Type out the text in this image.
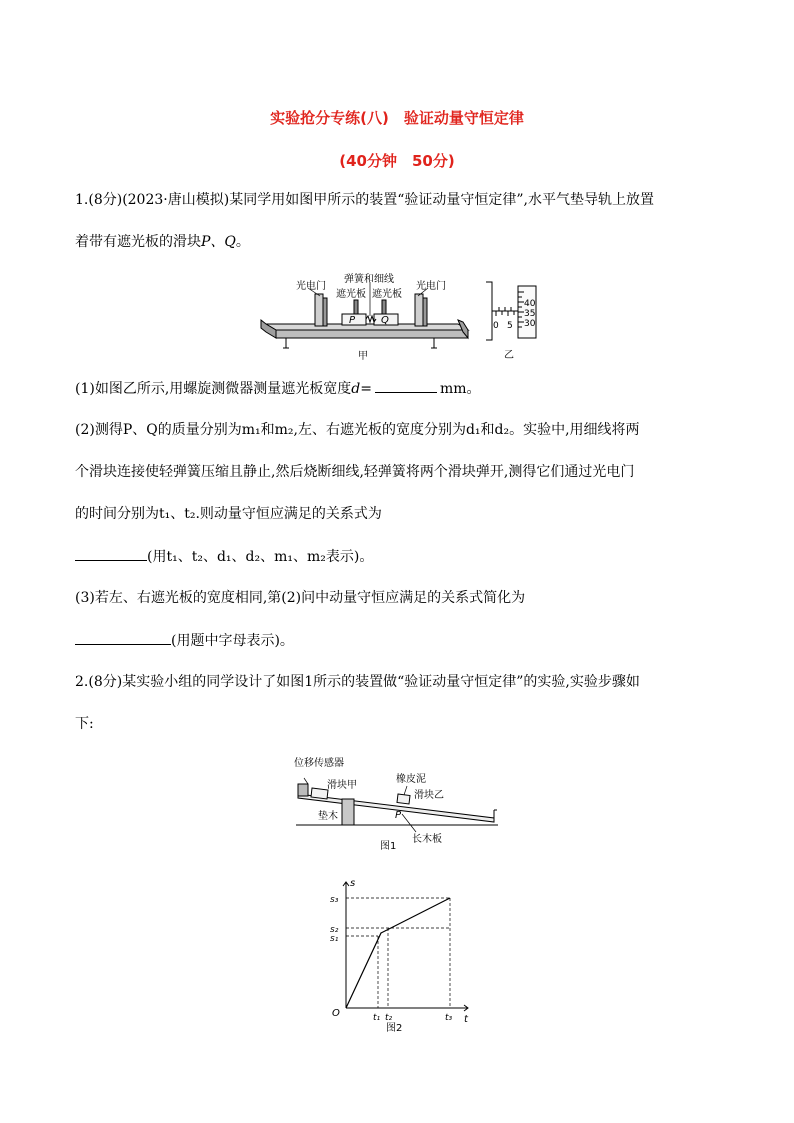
实验抢分专练(八)　验证动量守恒定律
(40分钟　50分)
1.(8分)(2023·唐山模拟)某同学用如图甲所示的装置“验证动量守恒定律”,水平气垫导轨上放置
着带有遮光板的滑块P、Q。
光电门
弹簧和细线
遮光板 遮光板
光电门
P	Q
甲
40
35
30
0 5
乙
(1)如图乙所示,用螺旋测微器测量遮光板宽度d=	mm。
(2)测得P、Q的质量分别为m₁和m₂,左、右遮光板的宽度分别为d₁和d₂。实验中,用细线将两
个滑块连接使轻弹簧压缩且静止,然后烧断细线,轻弹簧将两个滑块弹开,测得它们通过光电门
的时间分别为t₁、t₂.则动量守恒应满足的关系式为
(用t₁、t₂、d₁、d₂、m₁、m₂表示)。
(3)若左、右遮光板的宽度相同,第(2)问中动量守恒应满足的关系式简化为
(用题中字母表示)。
2.(8分)某实验小组的同学设计了如图1所示的装置做“验证动量守恒定律”的实验,实验步骤如
下:
位移传感器
橡皮泥
滑块甲
滑块乙
垫木	P
长木板
图1
s
t
O
s₃
s₂
s₁
t₁ t₂	t₃
图2
